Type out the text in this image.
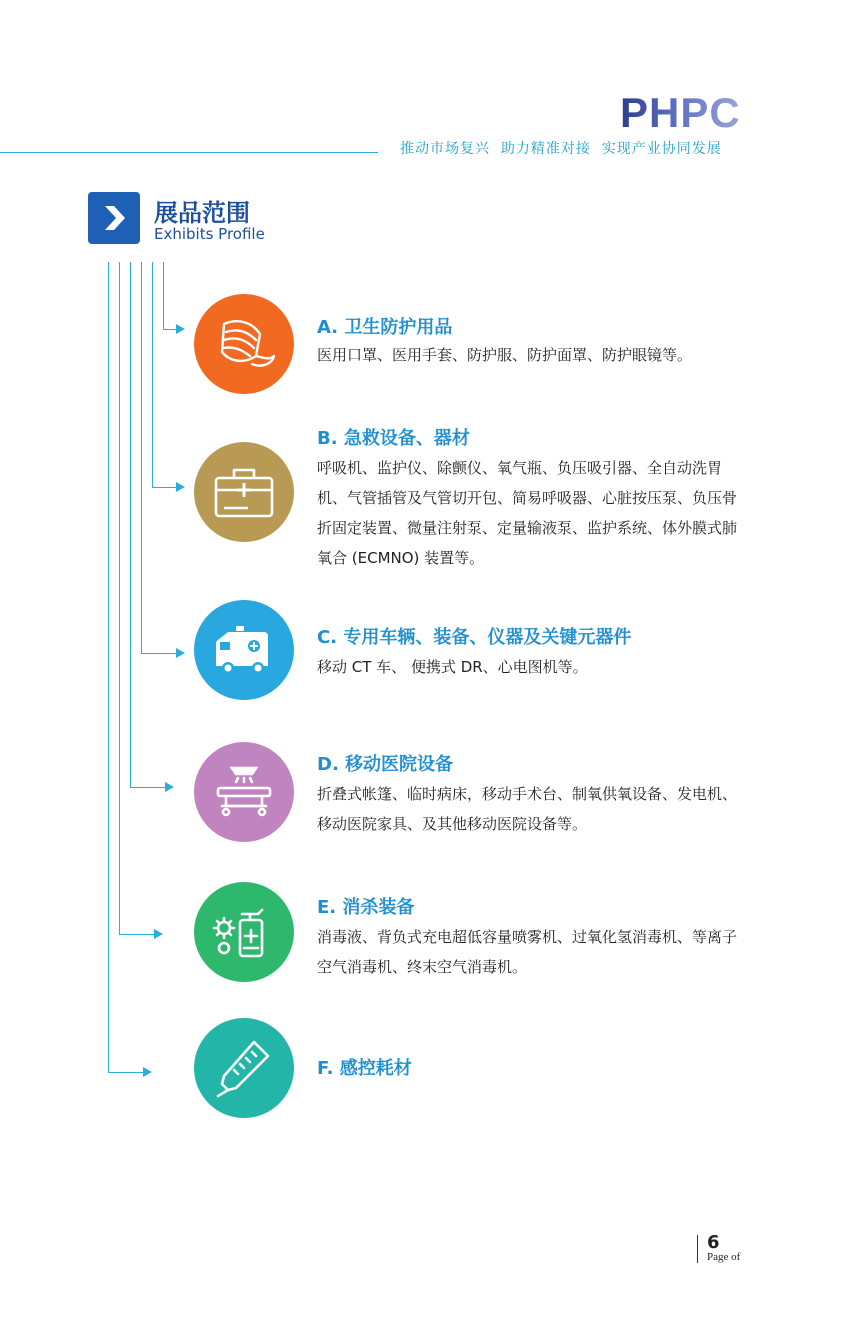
PHPC
推动市场复兴  助力精准对接  实现产业协同发展
展品范围
Exhibits Profile
A. 卫生防护用品
医用口罩、医用手套、防护服、防护面罩、防护眼镜等。
B. 急救设备、器材
呼吸机、监护仪、除颤仪、氧气瓶、负压吸引器、全自动洗胃机、气管插管及气管切开包、简易呼吸器、心脏按压泵、负压骨折固定装置、微量注射泵、定量输液泵、监护系统、体外膜式肺氧合 (ECMNO) 装置等。
C. 专用车辆、装备、仪器及关键元器件
移动 CT 车、 便携式 DR、心电图机等。
D. 移动医院设备
折叠式帐篷、临时病床，移动手术台、制氧供氧设备、发电机、移动医院家具、及其他移动医院设备等。
E. 消杀装备
消毒液、背负式充电超低容量喷雾机、过氧化氢消毒机、等离子空气消毒机、终末空气消毒机。
F. 感控耗材
6
Page of
